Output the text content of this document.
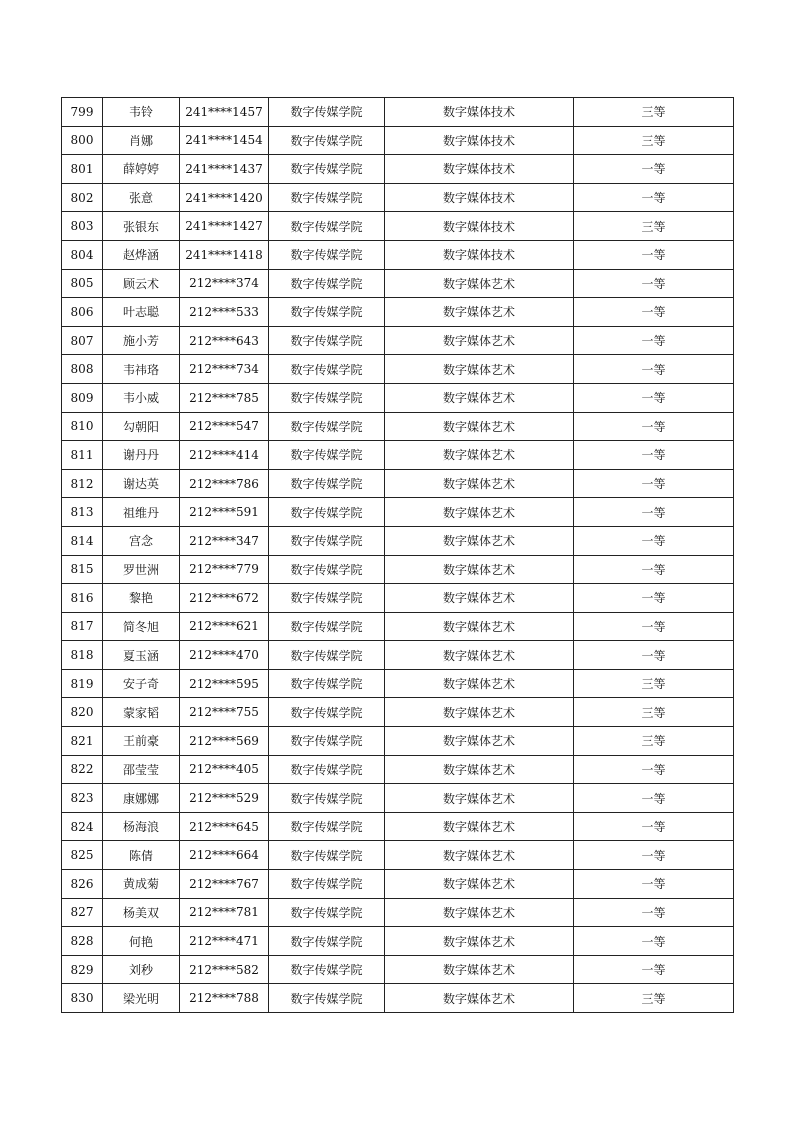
799	韦铃	241****1457	数字传媒学院	数字媒体技术	三等
800	肖娜	241****1454	数字传媒学院	数字媒体技术	三等
801	薛婷婷	241****1437	数字传媒学院	数字媒体技术	一等
802	张意	241****1420	数字传媒学院	数字媒体技术	一等
803	张银东	241****1427	数字传媒学院	数字媒体技术	三等
804	赵烨涵	241****1418	数字传媒学院	数字媒体技术	一等
805	顾云术	212****374	数字传媒学院	数字媒体艺术	一等
806	叶志聪	212****533	数字传媒学院	数字媒体艺术	一等
807	施小芳	212****643	数字传媒学院	数字媒体艺术	一等
808	韦祎珞	212****734	数字传媒学院	数字媒体艺术	一等
809	韦小威	212****785	数字传媒学院	数字媒体艺术	一等
810	勾朝阳	212****547	数字传媒学院	数字媒体艺术	一等
811	谢丹丹	212****414	数字传媒学院	数字媒体艺术	一等
812	谢达英	212****786	数字传媒学院	数字媒体艺术	一等
813	祖维丹	212****591	数字传媒学院	数字媒体艺术	一等
814	宫念	212****347	数字传媒学院	数字媒体艺术	一等
815	罗世洲	212****779	数字传媒学院	数字媒体艺术	一等
816	黎艳	212****672	数字传媒学院	数字媒体艺术	一等
817	简冬旭	212****621	数字传媒学院	数字媒体艺术	一等
818	夏玉涵	212****470	数字传媒学院	数字媒体艺术	一等
819	安子奇	212****595	数字传媒学院	数字媒体艺术	三等
820	蒙家韬	212****755	数字传媒学院	数字媒体艺术	三等
821	王前豪	212****569	数字传媒学院	数字媒体艺术	三等
822	邵莹莹	212****405	数字传媒学院	数字媒体艺术	一等
823	康娜娜	212****529	数字传媒学院	数字媒体艺术	一等
824	杨海浪	212****645	数字传媒学院	数字媒体艺术	一等
825	陈倩	212****664	数字传媒学院	数字媒体艺术	一等
826	黄成菊	212****767	数字传媒学院	数字媒体艺术	一等
827	杨美双	212****781	数字传媒学院	数字媒体艺术	一等
828	何艳	212****471	数字传媒学院	数字媒体艺术	一等
829	刘秒	212****582	数字传媒学院	数字媒体艺术	一等
830	梁光明	212****788	数字传媒学院	数字媒体艺术	三等
